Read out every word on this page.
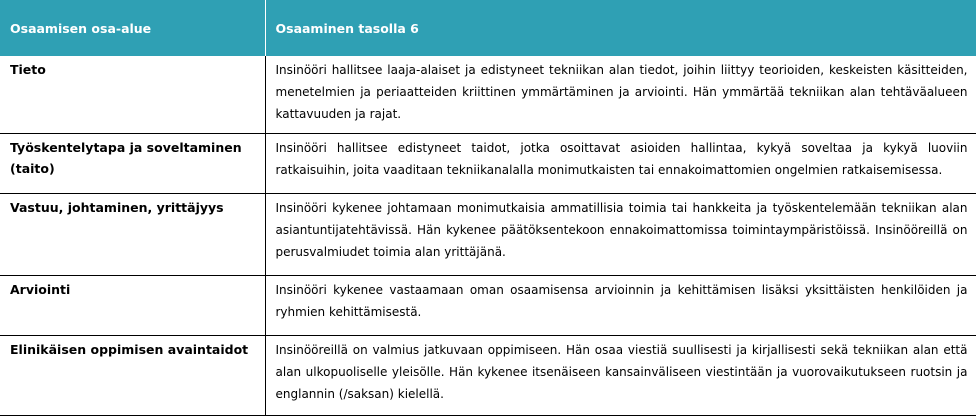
Osaamisen osa-alue	Osaaminen tasolla 6
Tieto	Insinööri hallitsee laaja-alaiset ja edistyneet tekniikan alan tiedot, joihin liittyy teorioiden, keskeisten käsitteiden, menetelmien ja periaatteiden kriittinen ymmärtäminen ja arviointi. Hän ymmärtää tekniikan alan tehtäväalueen kattavuuden ja rajat.
Työskentelytapa ja soveltaminen (taito)	Insinööri hallitsee edistyneet taidot, jotka osoittavat asioiden hallintaa, kykyä soveltaa ja kykyä luoviin ratkaisuihin, joita vaaditaan tekniikanalalla monimutkaisten tai ennakoimattomien ongelmien ratkaisemisessa.
Vastuu, johtaminen, yrittäjyys	Insinööri kykenee johtamaan monimutkaisia ammatillisia toimia tai hankkeita ja työskentelemään tekniikan alan asiantuntijatehtävissä. Hän kykenee päätöksentekoon ennakoimattomissa toimintaympäristöissä. Insinööreillä on perusvalmiudet toimia alan yrittäjänä.
Arviointi	Insinööri kykenee vastaamaan oman osaamisensa arvioinnin ja kehittämisen lisäksi yksittäisten henkilöiden ja ryhmien kehittämisestä.
Elinikäisen oppimisen avaintaidot	Insinööreillä on valmius jatkuvaan oppimiseen. Hän osaa viestiä suullisesti ja kirjallisesti sekä tekniikan alan että alan ulkopuoliselle yleisölle. Hän kykenee itsenäiseen kansainväliseen viestintään ja vuorovaikutukseen ruotsin ja englannin (/saksan) kielellä.
